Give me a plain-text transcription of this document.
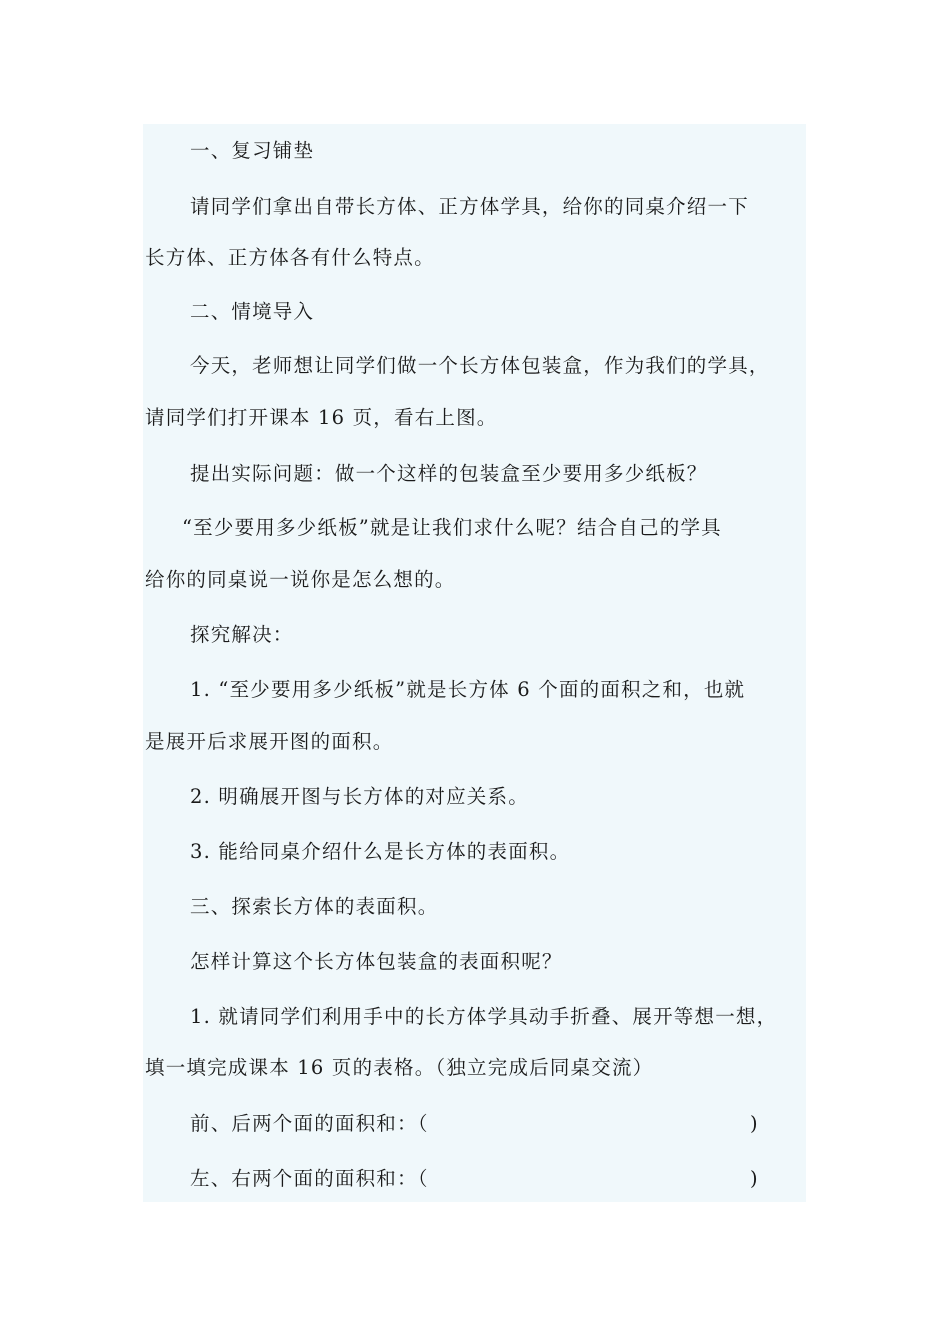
一、复习铺垫
请同学们拿出自带长方体、正方体学具，给你的同桌介绍一下
长方体、正方体各有什么特点。
二、情境导入
今天，老师想让同学们做一个长方体包装盒，作为我们的学具，
请同学们打开课本 16 页，看右上图。
提出实际问题：做一个这样的包装盒至少要用多少纸板？
“至少要用多少纸板”就是让我们求什么呢？结合自己的学具
给你的同桌说一说你是怎么想的。
探究解决：
1. “至少要用多少纸板”就是长方体 6 个面的面积之和，也就
是展开后求展开图的面积。
2. 明确展开图与长方体的对应关系。
3. 能给同桌介绍什么是长方体的表面积。
三、探索长方体的表面积。
怎样计算这个长方体包装盒的表面积呢？
1. 就请同学们利用手中的长方体学具动手折叠、展开等想一想，
填一填完成课本 16 页的表格。（独立完成后同桌交流）
前、后两个面的面积和：（	)
左、右两个面的面积和：（	)
